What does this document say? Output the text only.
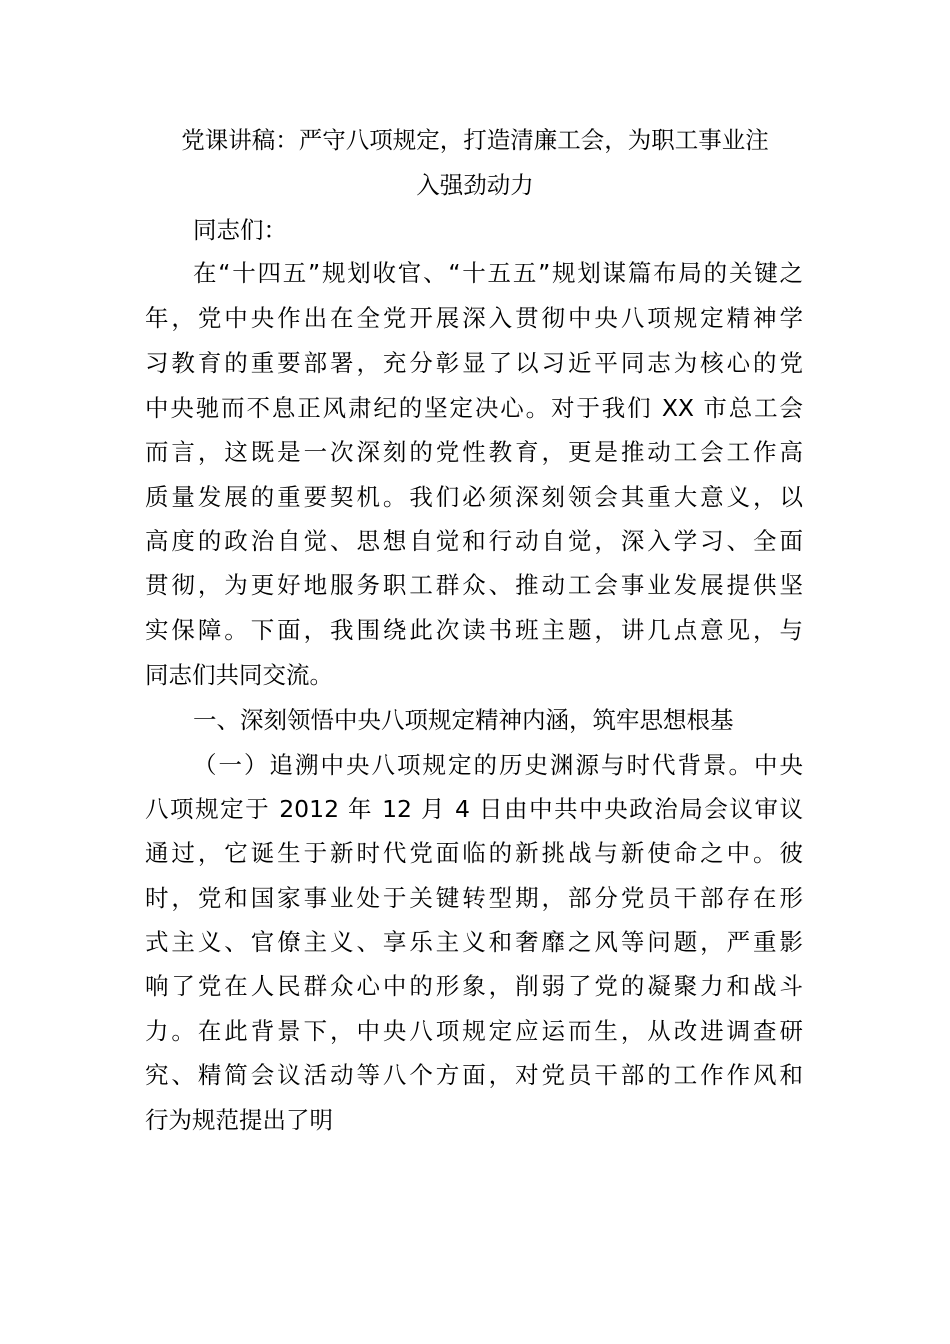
党课讲稿：严守八项规定，打造清廉工会，为职工事业注
入强劲动力
同志们：
在“十四五”规划收官、“十五五”规划谋篇布局的关键之
年，党中央作出在全党开展深入贯彻中央八项规定精神学
习教育的重要部署，充分彰显了以习近平同志为核心的党
中央驰而不息正风肃纪的坚定决心。对于我们 XX 市总工会
而言，这既是一次深刻的党性教育，更是推动工会工作高
质量发展的重要契机。我们必须深刻领会其重大意义，以
高度的政治自觉、思想自觉和行动自觉，深入学习、全面
贯彻，为更好地服务职工群众、推动工会事业发展提供坚
实保障。下面，我围绕此次读书班主题，讲几点意见，与
同志们共同交流。
一、深刻领悟中央八项规定精神内涵，筑牢思想根基
（一）追溯中央八项规定的历史渊源与时代背景。中央
八项规定于 2012 年 12 月 4 日由中共中央政治局会议审议
通过，它诞生于新时代党面临的新挑战与新使命之中。彼
时，党和国家事业处于关键转型期，部分党员干部存在形
式主义、官僚主义、享乐主义和奢靡之风等问题，严重影
响了党在人民群众心中的形象，削弱了党的凝聚力和战斗
力。在此背景下，中央八项规定应运而生，从改进调查研
究、精简会议活动等八个方面，对党员干部的工作作风和
行为规范提出了明
